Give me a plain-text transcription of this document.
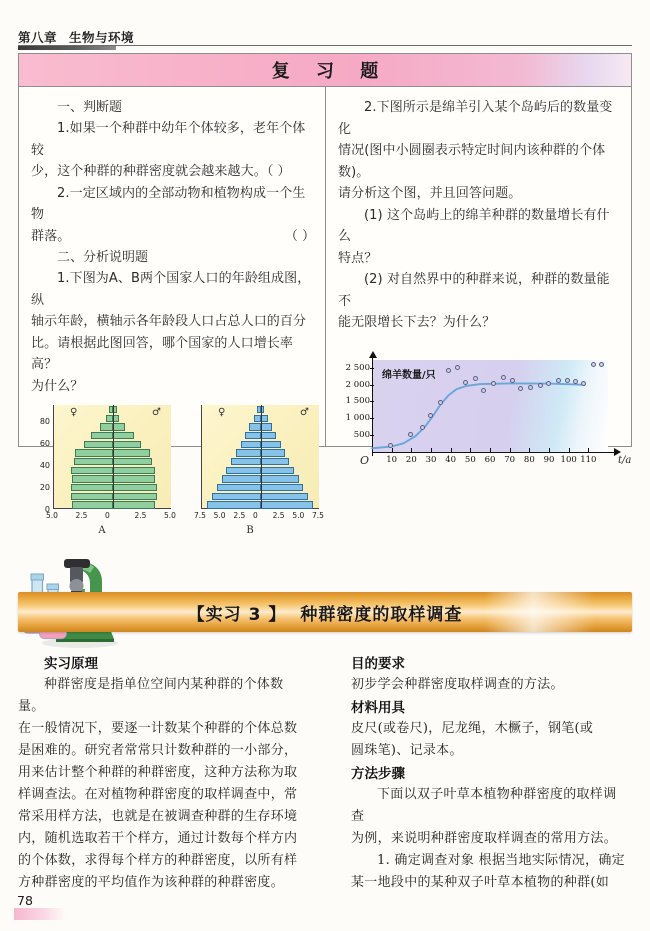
第八章 生物与环境
复 习 题
一、判断题
1.如果一个种群中幼年个体较多，老年个体较
少，这个种群的种群密度就会越来越大。（ ）
2.一定区域内的全部动物和植物构成一个生物
群落。	（ ）
二、分析说明题
1.下图为A、B两个国家人口的年龄组成图，纵
轴示年龄，横轴示各年龄段人口占总人口的百分
比。请根据此图回答，哪个国家的人口增长率高？
为什么？
♀	♂
0
20
40
60
80
5.0 2.5 0	2.5 5.0
A
♀	♂
7.5 5.0 2.5 0 2.5 5.0 7.5
B
2.下图所示是绵羊引入某个岛屿后的数量变化
情况(图中小圆圈表示特定时间内该种群的个体数)。
请分析这个图，并且回答问题。
(1) 这个岛屿上的绵羊种群的数量增长有什么
特点？
(2) 对自然界中的种群来说，种群的数量能不
能无限增长下去？为什么？
绵羊数量/只
500
1 000
1 500
2 000
2 500
10	20	30	40	50	60	70	80	90 100 110
O	t/a
【实习 3 】 种群密度的取样调查
实习原理
种群密度是指单位空间内某种群的个体数量。
在一般情况下，要逐一计数某个种群的个体总数
是困难的。研究者常常只计数种群的一小部分，
用来估计整个种群的种群密度，这种方法称为取
样调查法。在对植物种群密度的取样调查中，常
常采用样方法，也就是在被调查种群的生存环境
内，随机选取若干个样方，通过计数每个样方内
的个体数，求得每个样方的种群密度，以所有样
方种群密度的平均值作为该种群的种群密度。
目的要求
初步学会种群密度取样调查的方法。
材料用具
皮尺(或卷尺)，尼龙绳，木橛子，钢笔(或
圆珠笔)、记录本。
方法步骤
下面以双子叶草本植物种群密度的取样调查
为例，来说明种群密度取样调查的常用方法。
1. 确定调查对象 根据当地实际情况，确定
某一地段中的某种双子叶草本植物的种群(如
78
